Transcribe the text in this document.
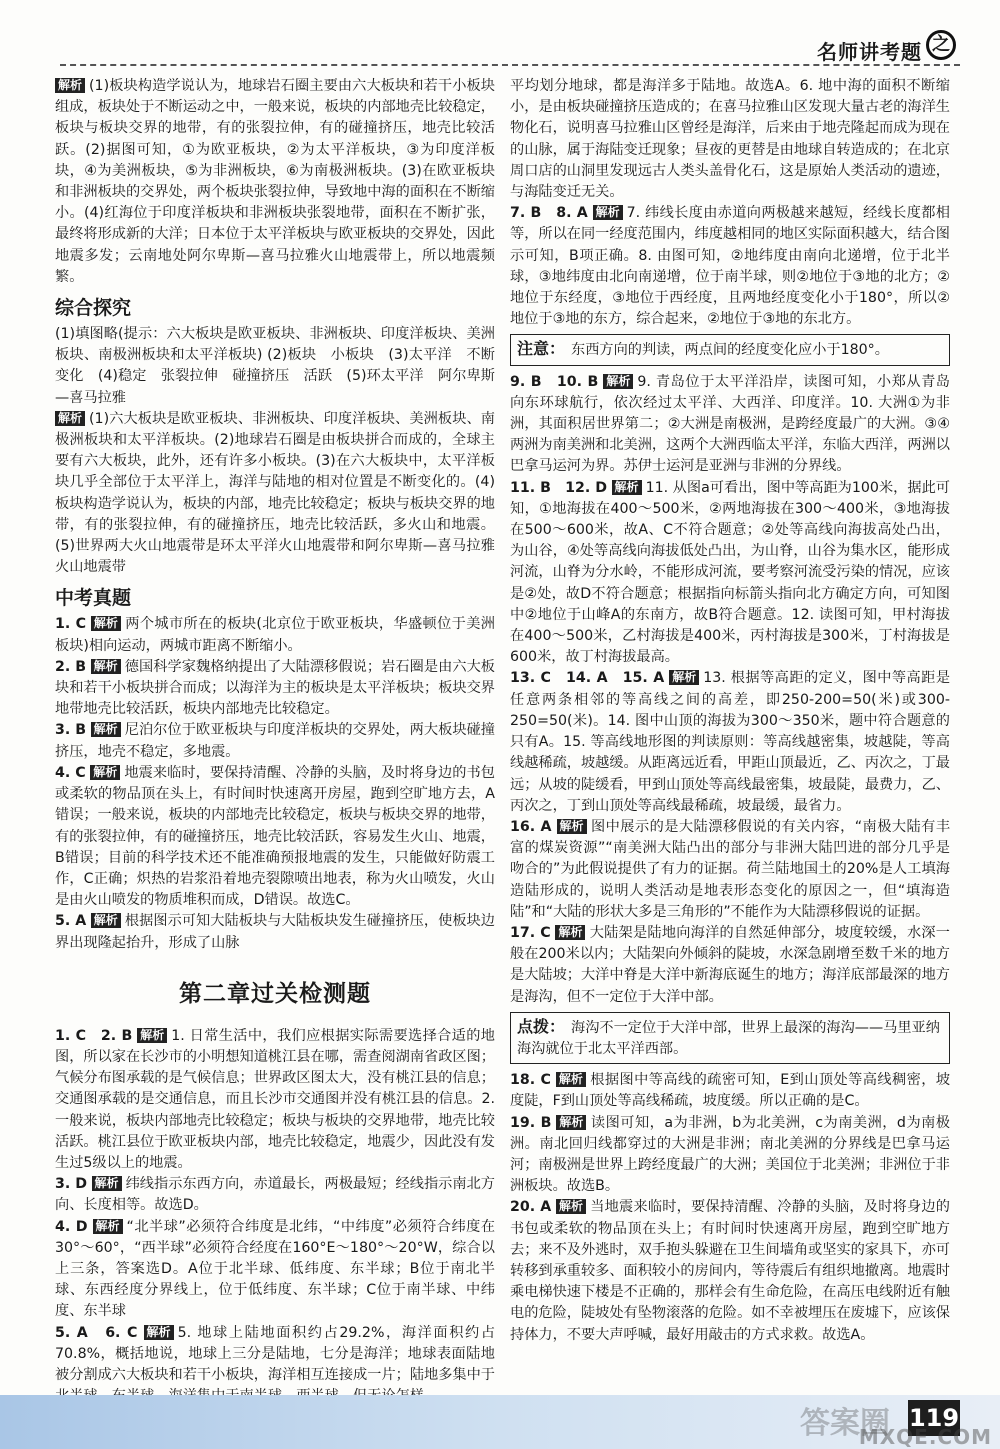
名师讲考题 之

解析 (1)板块构造学说认为，地球岩石圈主要由六大板块和若干小板块组成，板块处于不断运动之中，一般来说，板块的内部地壳比较稳定，板块与板块交界的地带，有的张裂拉伸，有的碰撞挤压，地壳比较活跃。(2)据图可知，①为欧亚板块，②为太平洋板块，③为印度洋板块，④为美洲板块，⑤为非洲板块，⑥为南极洲板块。(3)在欧亚板块和非洲板块的交界处，两个板块张裂拉伸，导致地中海的面积在不断缩小。(4)红海位于印度洋板块和非洲板块张裂地带，面积在不断扩张，最终将形成新的大洋；日本位于太平洋板块与欧亚板块的交界处，因此地震多发；云南地处阿尔卑斯—喜马拉雅火山地震带上，所以地震频繁。

综合探究

(1)填图略(提示：六大板块是欧亚板块、非洲板块、印度洋板块、美洲板块、南极洲板块和太平洋板块) (2)板块　小板块　(3)太平洋　不断变化　(4)稳定　张裂拉伸　碰撞挤压　活跃　(5)环太平洋　阿尔卑斯—喜马拉雅

解析 (1)六大板块是欧亚板块、非洲板块、印度洋板块、美洲板块、南极洲板块和太平洋板块。(2)地球岩石圈是由板块拼合而成的，全球主要有六大板块，此外，还有许多小板块。(3)在六大板块中，太平洋板块几乎全部位于太平洋上，海洋与陆地的相对位置是不断变化的。(4)板块构造学说认为，板块的内部，地壳比较稳定；板块与板块交界的地带，有的张裂拉伸，有的碰撞挤压，地壳比较活跃，多火山和地震。(5)世界两大火山地震带是环太平洋火山地震带和阿尔卑斯—喜马拉雅火山地震带

中考真题

1. C 解析 两个城市所在的板块(北京位于欧亚板块，华盛顿位于美洲板块)相向运动，两城市距离不断缩小。

2. B 解析 德国科学家魏格纳提出了大陆漂移假说；岩石圈是由六大板块和若干小板块拼合而成；以海洋为主的板块是太平洋板块；板块交界地带地壳比较活跃，板块内部地壳比较稳定。

3. B 解析 尼泊尔位于欧亚板块与印度洋板块的交界处，两大板块碰撞挤压，地壳不稳定，多地震。

4. C 解析 地震来临时，要保持清醒、冷静的头脑，及时将身边的书包或柔软的物品顶在头上，有时间时快速离开房屋，跑到空旷地方去，A错误；一般来说，板块的内部地壳比较稳定，板块与板块交界的地带，有的张裂拉伸，有的碰撞挤压，地壳比较活跃，容易发生火山、地震，B错误；目前的科学技术还不能准确预报地震的发生，只能做好防震工作，C正确；炽热的岩浆沿着地壳裂隙喷出地表，称为火山喷发，火山是由火山喷发的物质堆积而成，D错误。故选C。

5. A 解析 根据图示可知大陆板块与大陆板块发生碰撞挤压，使板块边界出现隆起抬升，形成了山脉

第二章过关检测题

1. C　2. B 解析 1. 日常生活中，我们应根据实际需要选择合适的地图，所以家在长沙市的小明想知道桃江县在哪，需查阅湖南省政区图；气候分布图承载的是气候信息；世界政区图太大，没有桃江县的信息；交通图承载的是交通信息，而且长沙市交通图并没有桃江县的信息。2. 一般来说，板块内部地壳比较稳定；板块与板块的交界地带，地壳比较活跃。桃江县位于欧亚板块内部，地壳比较稳定，地震少，因此没有发生过5级以上的地震。

3. D 解析 纬线指示东西方向，赤道最长，两极最短；经线指示南北方向、长度相等。故选D。

4. D 解析 “北半球”必须符合纬度是北纬，“中纬度”必须符合纬度在30°～60°，“西半球”必须符合经度在160°E～180°～20°W，综合以上三条，答案选D。A位于北半球、低纬度、东半球；B位于南北半球、东西经度分界线上，位于低纬度、东半球；C位于南半球、中纬度、东半球

5. A　6. C 解析 5. 地球上陆地面积约占29.2%，海洋面积约占70.8%，概括地说，地球上三分是陆地，七分是海洋；地球表面陆地被分割成六大板块和若干小板块，海洋相互连接成一片；陆地多集中于

平均划分地球，都是海洋多于陆地。故选A。6. 地中海的面积不断缩小，是由板块碰撞挤压造成的；在喜马拉雅山区发现大量古老的海洋生物化石，说明喜马拉雅山区曾经是海洋，后来由于地壳隆起而成为现在的山脉，属于海陆变迁现象；昼夜的更替是由地球自转造成的；在北京周口店的山洞里发现远古人类头盖骨化石，这是原始人类活动的遗迹，与海陆变迁无关。

7. B　8. A 解析 7. 纬线长度由赤道向两极越来越短，经线长度都相等，所以在同一经度范围内，纬度越相同的地区实际面积越大，结合图示可知，B项正确。8. 由图可知，②地纬度由南向北递增，位于北半球，③地纬度由北向南递增，位于南半球，则②地位于③地的北方；②地位于东经度，③地位于西经度，且两地经度变化小于180°，所以②地位于③地的东方，综合起来，②地位于③地的东北方。

注意： 东西方向的判读，两点间的经度变化应小于180°。

9. B　10. B 解析 9. 青岛位于太平洋沿岸，读图可知，小郑从青岛向东环球航行，依次经过太平洋、大西洋、印度洋。10. 大洲①为非洲，其面积居世界第二；②大洲是南极洲，是跨经度最广的大洲。③④两洲为南美洲和北美洲，这两个大洲西临太平洋，东临大西洋，两洲以巴拿马运河为界。苏伊士运河是亚洲与非洲的分界线。

11. B　12. D 解析 11. 从图a可看出，图中等高距为100米，据此可知，①地海拔在400～500米，②两地海拔在300～400米，③地海拔在500～600米，故A、C不符合题意；②处等高线向海拔高处凸出，为山谷，④处等高线向海拔低处凸出，为山脊，山谷为集水区，能形成河流，山脊为分水岭，不能形成河流，要考察河流受污染的情况，应该是②处，故D不符合题意；根据指向标箭头指向北方确定方向，可知图中②地位于山峰A的东南方，故B符合题意。12. 读图可知，甲村海拔在400～500米，乙村海拔是400米，丙村海拔是300米，丁村海拔是600米，故丁村海拔最高。

13. C　14. A　15. A 解析 13. 根据等高距的定义，图中等高距是任意两条相邻的等高线之间的高差，即250-200=50(米)或300-250=50(米)。14. 图中山顶的海拔为300～350米，题中符合题意的只有A。15. 等高线地形图的判读原则：等高线越密集，坡越陡，等高线越稀疏，坡越缓。从距离远近看，甲距山顶最近，乙、丙次之，丁最远；从坡的陡缓看，甲到山顶处等高线最密集，坡最陡，最费力，乙、丙次之，丁到山顶处等高线最稀疏，坡最缓，最省力。

16. A 解析 图中展示的是大陆漂移假说的有关内容，“南极大陆有丰富的煤炭资源”“南美洲大陆凸出的部分与非洲大陆凹进的部分几乎是吻合的”为此假说提供了有力的证据。荷兰陆地国土的20%是人工填海造陆形成的，说明人类活动是地表形态变化的原因之一，但“填海造陆”和“大陆的形状大多是三角形的”不能作为大陆漂移假说的证据。

17. C 解析 大陆架是陆地向海洋的自然延伸部分，坡度较缓，水深一般在200米以内；大陆架向外倾斜的陡坡，水深急剧增至数千米的地方是大陆坡；大洋中脊是大洋中新海底诞生的地方；海洋底部最深的地方是海沟，但不一定位于大洋中部。

点拨： 海沟不一定位于大洋中部，世界上最深的海沟——马里亚纳海沟就位于北太平洋西部。

18. C 解析 根据图中等高线的疏密可知，E到山顶处等高线稠密，坡度陡，F到山顶处等高线稀疏，坡度缓。所以正确的是C。

19. B 解析 读图可知，a为非洲，b为北美洲，c为南美洲，d为南极洲。南北回归线都穿过的大洲是非洲；南北美洲的分界线是巴拿马运河；南极洲是世界上跨经度最广的大洲；美国位于北美洲；非洲位于非洲板块。故选B。

20. A 解析 当地震来临时，要保持清醒、冷静的头脑，及时将身边的书包或柔软的物品顶在头上；有时间时快速离开房屋，跑到空旷地方去；来不及外逃时，双手抱头躲避在卫生间墙角或坚实的家具下，亦可转移到承重较多、面积较小的房间内，等待震后有组织地撤离。地震时乘电梯快速下楼是不正确的，那样会有生命危险，在高压电线附近有触电的危险，陡坡处有坠物滚落的危险。如不幸被埋压在废墟下，应该保持体力，不要大声呼喊，最好用敲击的方式求救。故选A。

答案圈 119
MXQE.COM
